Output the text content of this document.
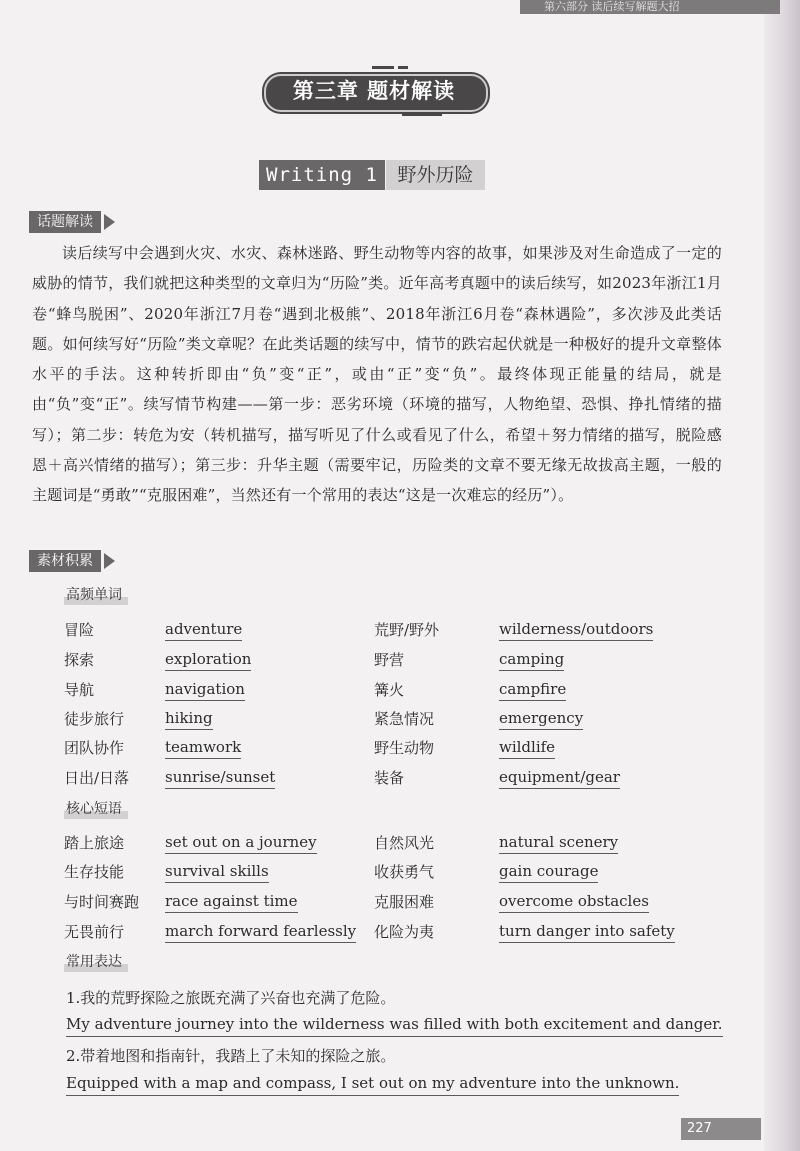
第六部分 读后续写解题大招
第三章 题材解读
Writing 1	野外历险
话题解读

读后续写中会遇到火灾、水灾、森林迷路、野生动物等内容的故事，如果涉及对生命造成了一定的威胁的情节，我们就把这种类型的文章归为“历险”类。近年高考真题中的读后续写，如2023年浙江1月卷“蜂鸟脱困”、2020年浙江7月卷“遇到北极熊”、2018年浙江6月卷“森林遇险”，多次涉及此类话题。如何续写好“历险”类文章呢？在此类话题的续写中，情节的跌宕起伏就是一种极好的提升文章整体水平的手法。这种转折即由“负”变“正”，或由“正”变“负”。最终体现正能量的结局，就是由“负”变“正”。续写情节构建——第一步：恶劣环境（环境的描写，人物绝望、恐惧、挣扎情绪的描写）；第二步：转危为安（转机描写，描写听见了什么或看见了什么，希望＋努力情绪的描写，脱险感恩＋高兴情绪的描写）；第三步：升华主题（需要牢记，历险类的文章不要无缘无故拔高主题，一般的主题词是“勇敢”“克服困难”，当然还有一个常用的表达“这是一次难忘的经历”）。

素材积累
高频单词
冒险	adventure	荒野/野外	wilderness/outdoors
探索	exploration	野营	camping
导航	navigation	篝火	campfire
徒步旅行	hiking	紧急情况	emergency
团队协作	teamwork	野生动物	wildlife
日出/日落 sunrise/sunset	装备	equipment/gear
核心短语
踏上旅途	set out on a journey	自然风光	natural scenery
生存技能	survival skills	收获勇气	gain courage
与时间赛跑 race against time	克服困难	overcome obstacles
无畏前行	march forward fearlessly 化险为夷	turn danger into safety
常用表达
1.我的荒野探险之旅既充满了兴奋也充满了危险。
My adventure journey into the wilderness was filled with both excitement and danger.
2.带着地图和指南针，我踏上了未知的探险之旅。
Equipped with a map and compass, I set out on my adventure into the unknown.
227
